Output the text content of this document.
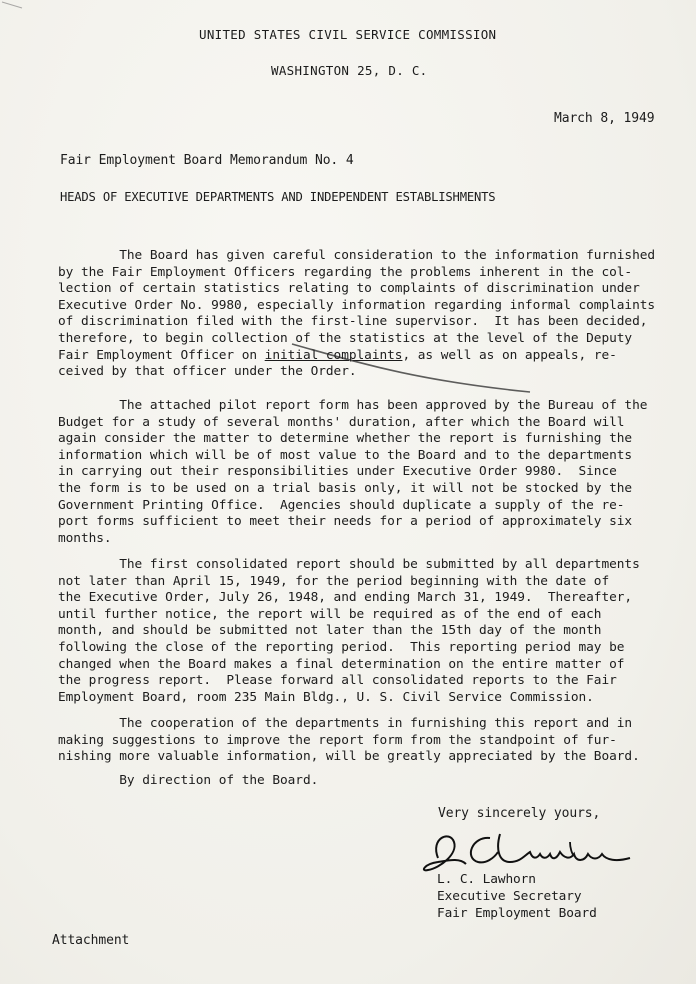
UNITED STATES CIVIL SERVICE COMMISSION
WASHINGTON 25, D. C.
March 8, 1949
Fair Employment Board Memorandum No. 4
HEADS OF EXECUTIVE DEPARTMENTS AND INDEPENDENT ESTABLISHMENTS
The Board has given careful consideration to the information furnished
by the Fair Employment Officers regarding the problems inherent in the col-
lection of certain statistics relating to complaints of discrimination under
Executive Order No. 9980, especially information regarding informal complaints
of discrimination filed with the first-line supervisor.  It has been decided,
therefore, to begin collection of the statistics at the level of the Deputy
Fair Employment Officer on initial complaints, as well as on appeals, re-
ceived by that officer under the Order.
The attached pilot report form has been approved by the Bureau of the
Budget for a study of several months' duration, after which the Board will
again consider the matter to determine whether the report is furnishing the
information which will be of most value to the Board and to the departments
in carrying out their responsibilities under Executive Order 9980.  Since
the form is to be used on a trial basis only, it will not be stocked by the
Government Printing Office.  Agencies should duplicate a supply of the re-
port forms sufficient to meet their needs for a period of approximately six
months.
The first consolidated report should be submitted by all departments
not later than April 15, 1949, for the period beginning with the date of
the Executive Order, July 26, 1948, and ending March 31, 1949.  Thereafter,
until further notice, the report will be required as of the end of each
month, and should be submitted not later than the 15th day of the month
following the close of the reporting period.  This reporting period may be
changed when the Board makes a final determination on the entire matter of
the progress report.  Please forward all consolidated reports to the Fair
Employment Board, room 235 Main Bldg., U. S. Civil Service Commission.
The cooperation of the departments in furnishing this report and in
making suggestions to improve the report form from the standpoint of fur-
nishing more valuable information, will be greatly appreciated by the Board.
By direction of the Board.
Very sincerely yours,
L. C. Lawhorn
Executive Secretary
Fair Employment Board
Attachment
